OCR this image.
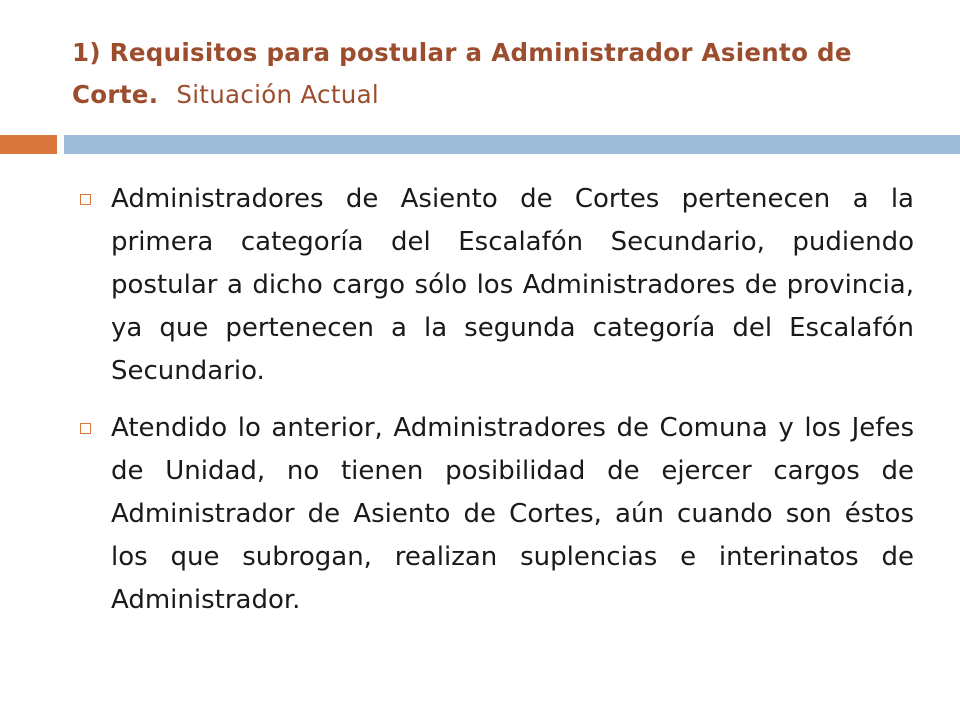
1) Requisitos para postular a Administrador Asiento de Corte. Situación Actual
Administradores de Asiento de Cortes pertenecen a la primera categoría del Escalafón Secundario, pudiendo postular a dicho cargo sólo los Administradores de provincia, ya que pertenecen a la segunda categoría del Escalafón Secundario.
Atendido lo anterior, Administradores de Comuna y los Jefes de Unidad, no tienen posibilidad de ejercer cargos de Administrador de Asiento de Cortes, aún cuando son éstos los que subrogan, realizan suplencias e interinatos de Administrador.
